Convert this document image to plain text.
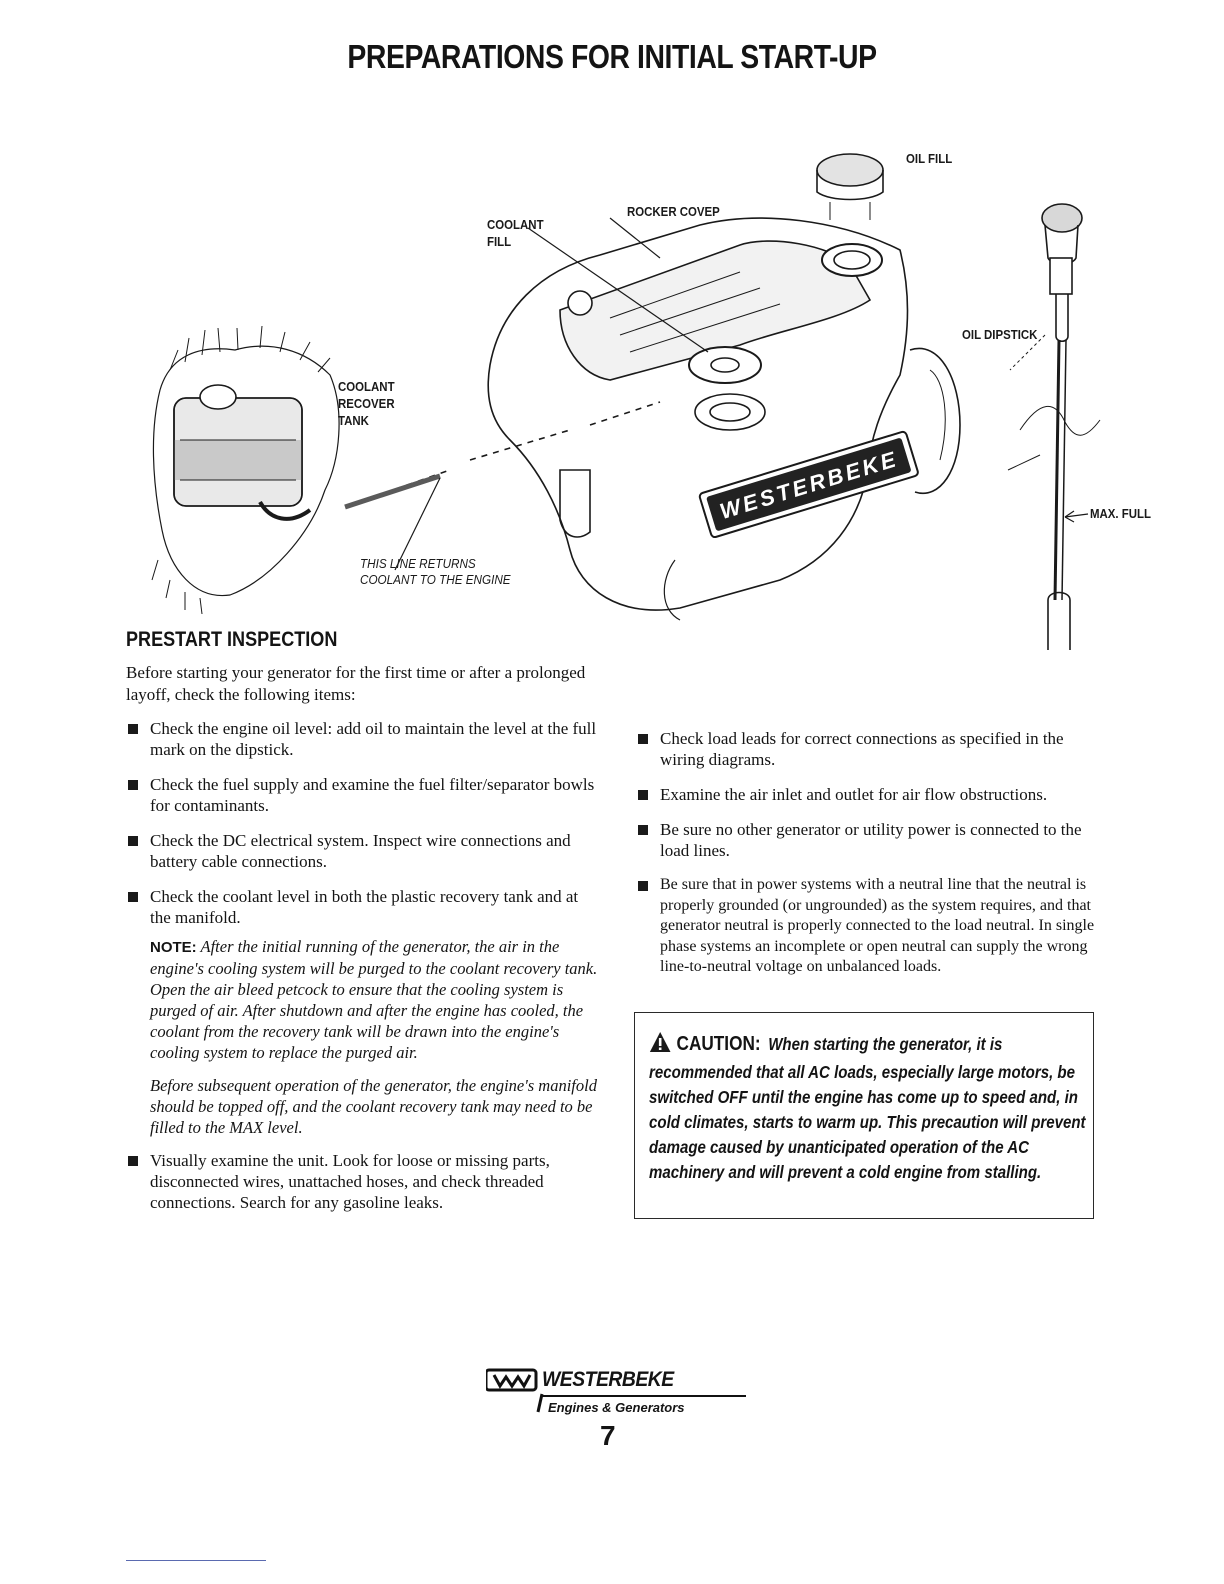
PREPARATIONS FOR INITIAL START-UP
WESTERBEKE
OIL FILL
ROCKER COVEP
COOLANT
FILL
COOLANT
RECOVER
TANK
OIL DIPSTICK
MAX. FULL
THIS LINE RETURNS
COOLANT TO THE ENGINE
PRESTART INSPECTION
Before starting your generator for the first time or after a prolonged layoff, check the following items:
Check the engine oil level: add oil to maintain the level at the full mark on the dipstick.
Check the fuel supply and examine the fuel filter/separator bowls for contaminants.
Check the DC electrical system. Inspect wire connections and battery cable connections.
Check the coolant level in both the plastic recovery tank and at the manifold.
NOTE: After the initial running of the generator, the air in the engine's cooling system will be purged to the coolant recovery tank. Open the air bleed petcock to ensure that the cooling system is purged of air. After shutdown and after the engine has cooled, the coolant from the recovery tank will be drawn into the engine's cooling system to replace the purged air.
Before subsequent operation of the generator, the engine's manifold should be topped off, and the coolant recovery tank may need to be filled to the MAX level.
Visually examine the unit. Look for loose or missing parts, disconnected wires, unattached hoses, and check threaded connections. Search for any gasoline leaks.
Check load leads for correct connections as specified in the wiring diagrams.
Examine the air inlet and outlet for air flow obstructions.
Be sure no other generator or utility power is connected to the load lines.
Be sure that in power systems with a neutral line that the neutral is properly grounded (or ungrounded) as the system requires, and that generator neutral is properly connected to the load neutral. In single phase systems an incomplete or open neutral can supply the wrong line-to-neutral voltage on unbalanced loads.
CAUTION: When starting the generator, it is recommended that all AC loads, especially large motors, be switched OFF until the engine has come up to speed and, in cold climates, starts to warm up. This precaution will prevent damage caused by unanticipated operation of the AC machinery and will prevent a cold engine from stalling.
WESTERBEKE
Engines & Generators
7
